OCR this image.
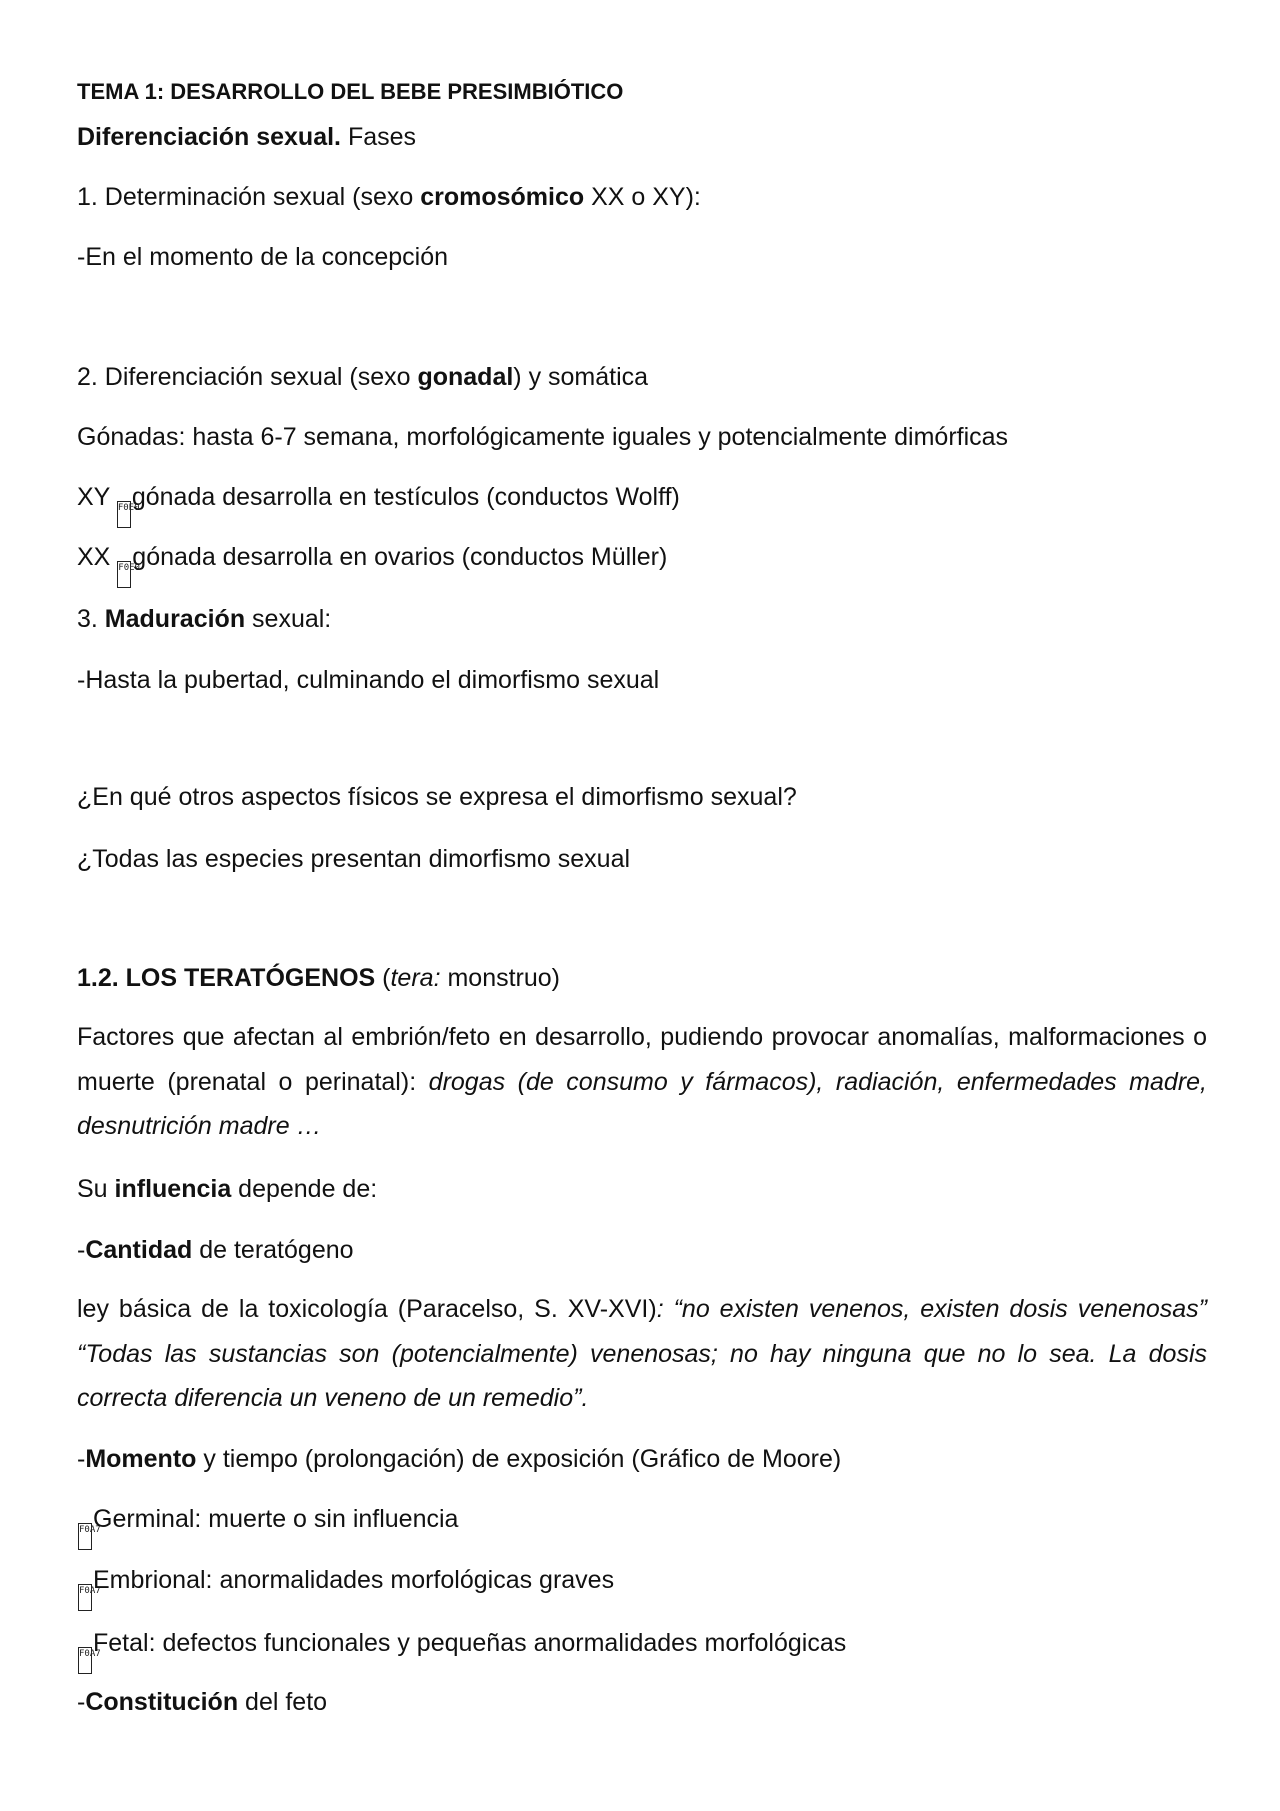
TEMA 1: DESARROLLO DEL BEBE PRESIMBIÓTICO
Diferenciación sexual. Fases
1. Determinación sexual (sexo cromosómico XX o XY):
-En el momento de la concepción
2. Diferenciación sexual (sexo gonadal) y somática
Gónadas: hasta 6-7 semana, morfológicamente iguales y potencialmente dimórficas
XY F0E0gónada desarrolla en testículos (conductos Wolff)
XX F0E0gónada desarrolla en ovarios (conductos Müller)
3. Maduración sexual:
-Hasta la pubertad, culminando el dimorfismo sexual
¿En qué otros aspectos físicos se expresa el dimorfismo sexual?
¿Todas las especies presentan dimorfismo sexual
1.2. LOS TERATÓGENOS (tera: monstruo)
Factores que afectan al embrión/feto en desarrollo, pudiendo provocar anomalías, malformaciones o muerte (prenatal o perinatal): drogas (de consumo y fármacos), radiación, enfermedades madre, desnutrición madre …
Su influencia depende de:
-Cantidad de teratógeno
ley básica de la toxicología (Paracelso, S. XV-XVI): “no existen venenos, existen dosis venenosas” “Todas las sustancias son (potencialmente) venenosas; no hay ninguna que no lo sea. La dosis correcta diferencia un veneno de un remedio”.
-Momento y tiempo (prolongación) de exposición (Gráfico de Moore)
F0A7Germinal: muerte o sin influencia
F0A7Embrional: anormalidades morfológicas graves
F0A7Fetal: defectos funcionales y pequeñas anormalidades morfológicas
-Constitución del feto
